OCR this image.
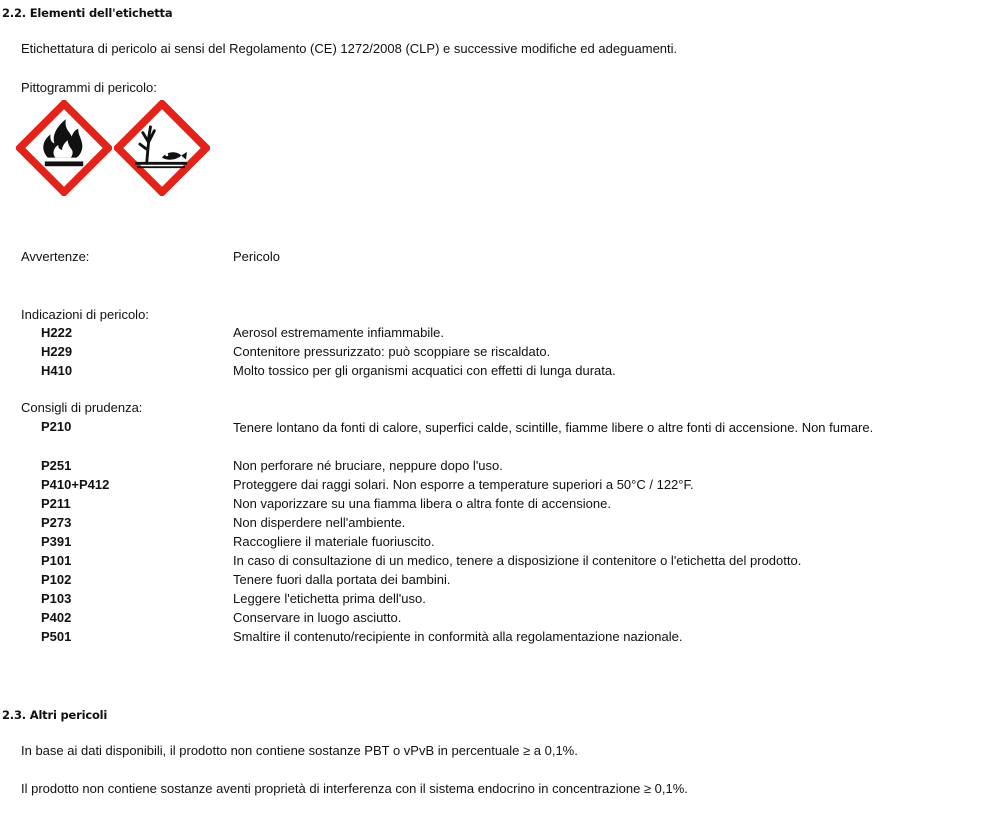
2.2. Elementi dell'etichetta
Etichettatura di pericolo ai sensi del Regolamento (CE) 1272/2008 (CLP) e successive modifiche ed adeguamenti.
Pittogrammi di pericolo:
Avvertenze:	Pericolo
Indicazioni di pericolo:
H222	Aerosol estremamente infiammabile.
H229	Contenitore pressurizzato: può scoppiare se riscaldato.
H410	Molto tossico per gli organismi acquatici con effetti di lunga durata.
Consigli di prudenza:
P210	Tenere lontano da fonti di calore, superfici calde, scintille, fiamme libere o altre fonti di accensione. Non fumare.
P251	Non perforare né bruciare, neppure dopo l'uso.
P410+P412	Proteggere dai raggi solari. Non esporre a temperature superiori a 50°C / 122°F.
P211	Non vaporizzare su una fiamma libera o altra fonte di accensione.
P273	Non disperdere nell'ambiente.
P391	Raccogliere il materiale fuoriuscito.
P101	In caso di consultazione di un medico, tenere a disposizione il contenitore o l'etichetta del prodotto.
P102	Tenere fuori dalla portata dei bambini.
P103	Leggere l'etichetta prima dell'uso.
P402	Conservare in luogo asciutto.
P501	Smaltire il contenuto/recipiente in conformità alla regolamentazione nazionale.
2.3. Altri pericoli
In base ai dati disponibili, il prodotto non contiene sostanze PBT o vPvB in percentuale ≥ a 0,1%.
Il prodotto non contiene sostanze aventi proprietà di interferenza con il sistema endocrino in concentrazione ≥ 0,1%.
